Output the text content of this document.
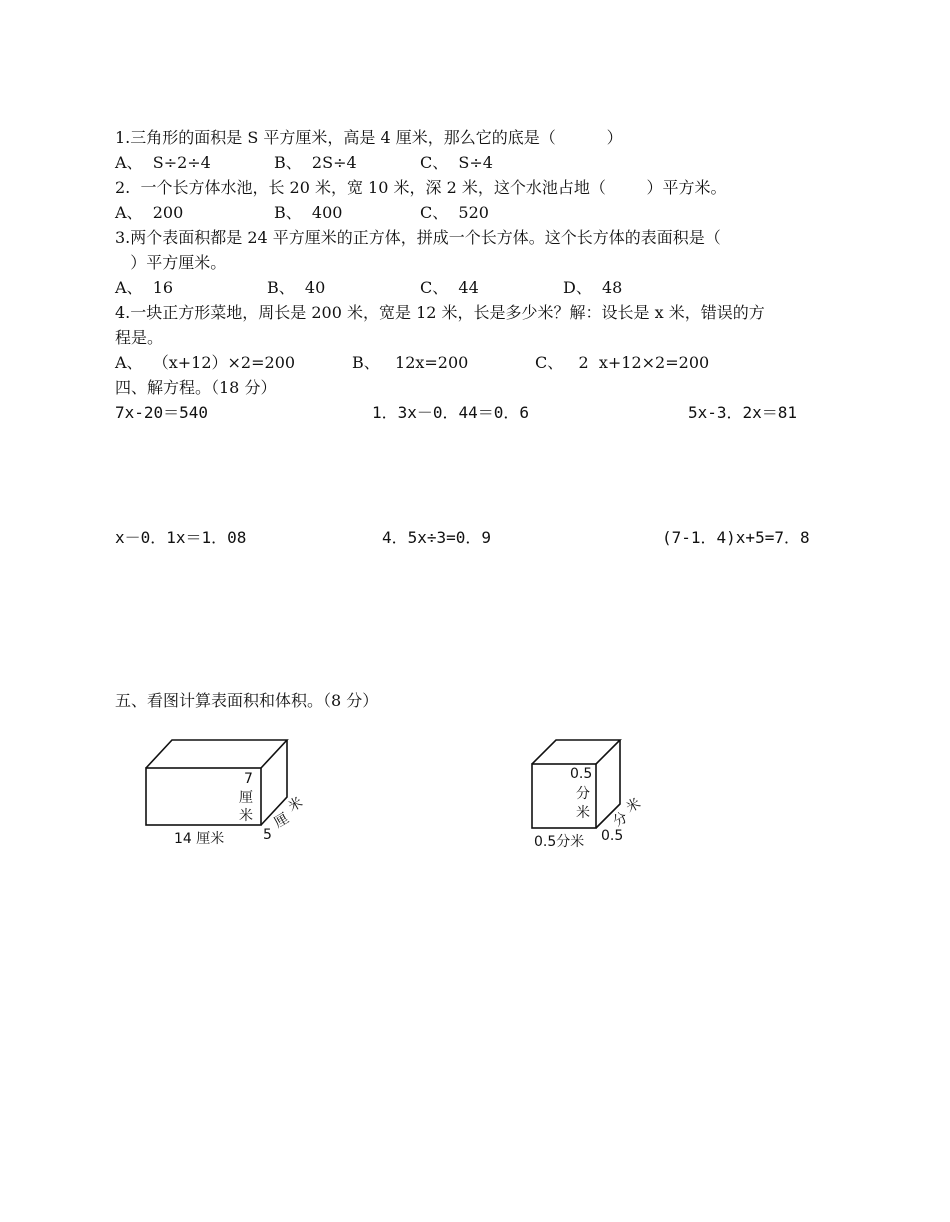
1.三角形的面积是 S 平方厘米，高是 4 厘米，那么它的底是（          ）
A、  S÷2÷4	B、  2S÷4	C、  S÷4
2.  一个长方体水池，长 20 米，宽 10 米，深 2 米，这个水池占地（        ）平方米。
A、  200	B、  400	C、  520
3.两个表面积都是 24 平方厘米的正方体，拼成一个长方体。这个长方体的表面积是（
）平方厘米。
A、  16	B、  40	C、  44	D、  48
4.一块正方形菜地，周长是 200 米，宽是 12 米，长是多少米？解：设长是 x 米，错误的方
程是。
A、  （x+12）×2=200	B、   12x=200	C、   2  x+12×2=200
四、解方程。（18 分）
7x-20＝540	1．3x－0．44＝0．6	5x-3．2x＝81
x－0．1x＝1．08	4．5x÷3=0．9	(7-1．4)x+5=7．8
五、看图计算表面积和体积。（8 分）
7
厘
米
14 厘米	5
厘
米
0.5
分
米
0.5分米 0.5
分
米
